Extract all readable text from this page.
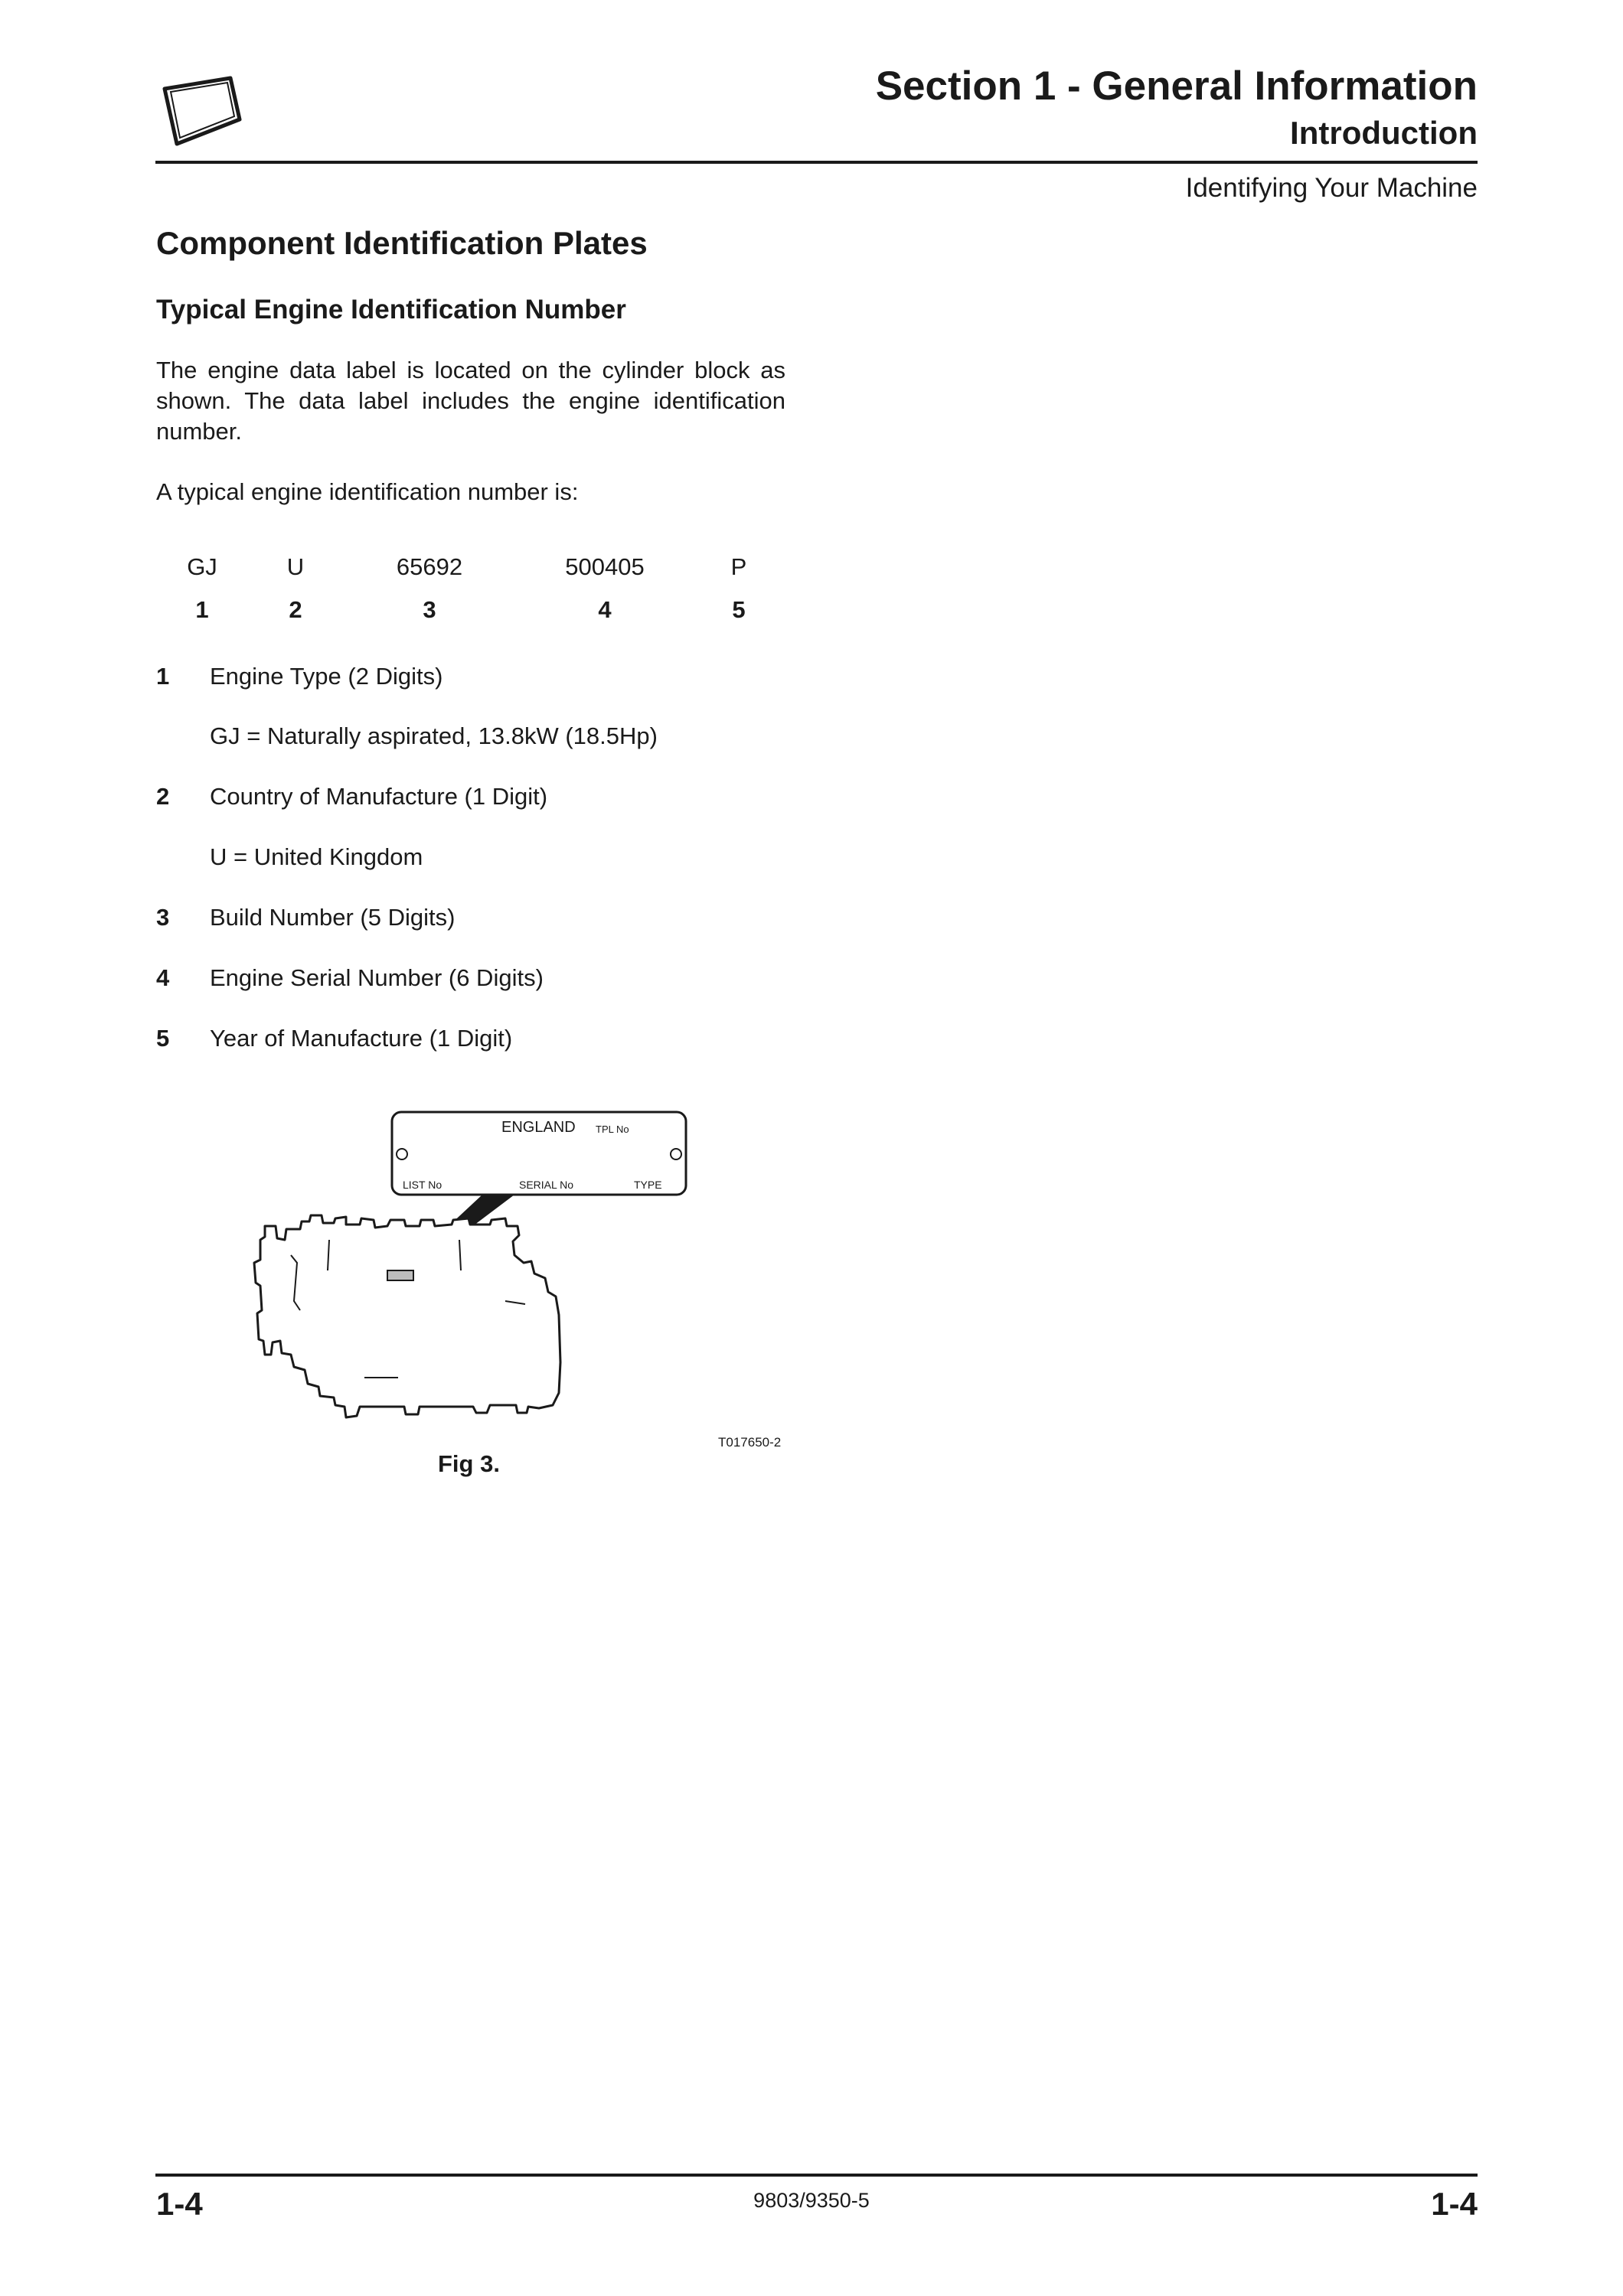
Section 1 - General Information
Introduction
Identifying Your Machine
Component Identification Plates
Typical Engine Identification Number
The engine data label is located on the cylinder block as shown. The data label includes the engine identification number.
A typical engine identification number is:
GJ	U	65692	500405	P
1	2	3	4	5
1 Engine Type (2 Digits)
GJ = Naturally aspirated, 13.8kW (18.5Hp)
2 Country of Manufacture (1 Digit)
U = United Kingdom
3 Build Number (5 Digits)
4 Engine Serial Number (6 Digits)
5 Year of Manufacture (1 Digit)
ENGLAND TPL No
LIST No	SERIAL No	TYPE
T017650-2
Fig 3.
1-4	9803/9350-5	1-4
